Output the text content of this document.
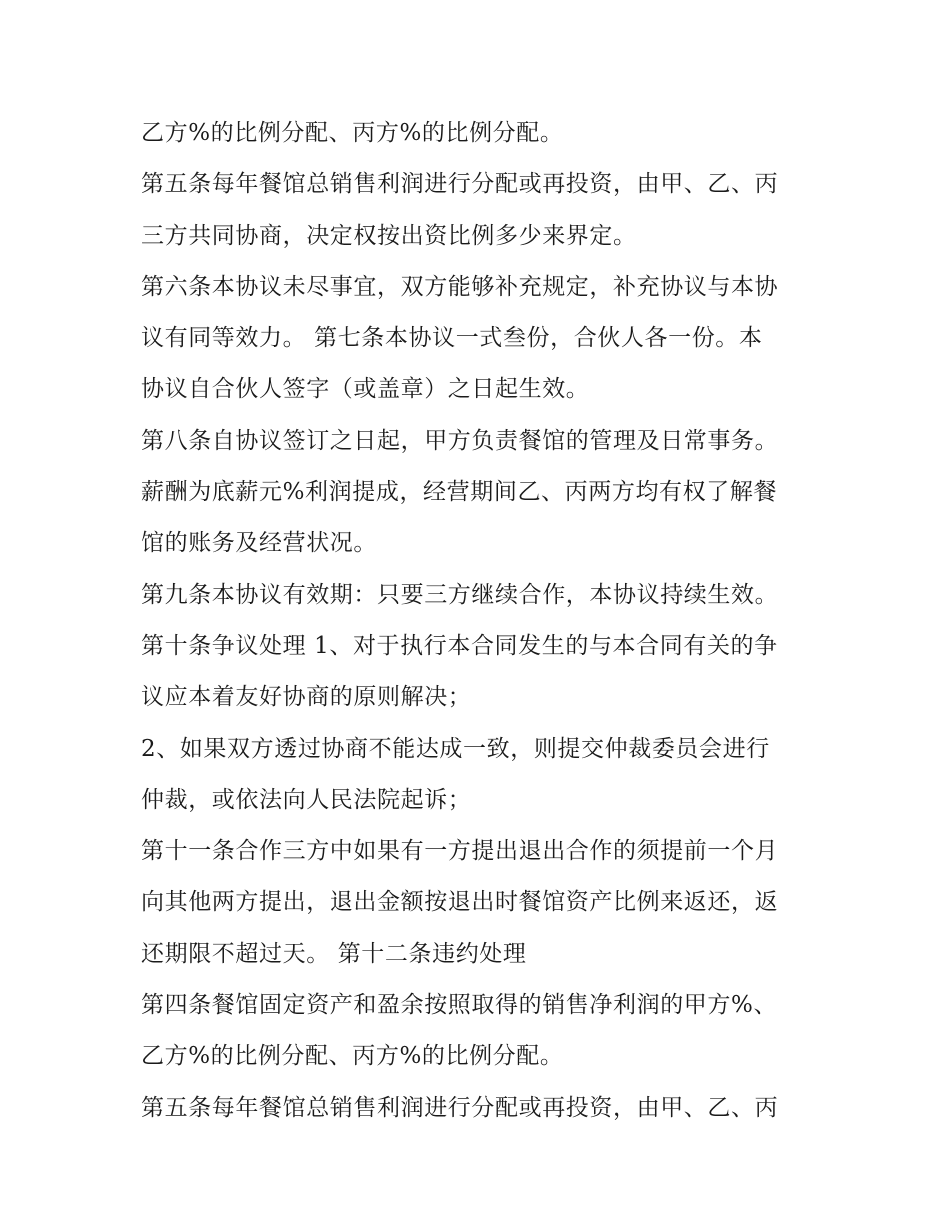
乙方%的比例分配、丙方%的比例分配。
第五条每年餐馆总销售利润进行分配或再投资，由甲、乙、丙
三方共同协商，决定权按出资比例多少来界定。
第六条本协议未尽事宜，双方能够补充规定，补充协议与本协
议有同等效力。 第七条本协议一式叁份，合伙人各一份。本
协议自合伙人签字（或盖章）之日起生效。
第八条自协议签订之日起，甲方负责餐馆的管理及日常事务。
薪酬为底薪元%利润提成，经营期间乙、丙两方均有权了解餐
馆的账务及经营状况。
第九条本协议有效期：只要三方继续合作，本协议持续生效。
第十条争议处理 1、对于执行本合同发生的与本合同有关的争
议应本着友好协商的原则解决；
2、如果双方透过协商不能达成一致，则提交仲裁委员会进行
仲裁，或依法向人民法院起诉；
第十一条合作三方中如果有一方提出退出合作的须提前一个月
向其他两方提出，退出金额按退出时餐馆资产比例来返还，返
还期限不超过天。 第十二条违约处理
第四条餐馆固定资产和盈余按照取得的销售净利润的甲方%、
乙方%的比例分配、丙方%的比例分配。
第五条每年餐馆总销售利润进行分配或再投资，由甲、乙、丙
